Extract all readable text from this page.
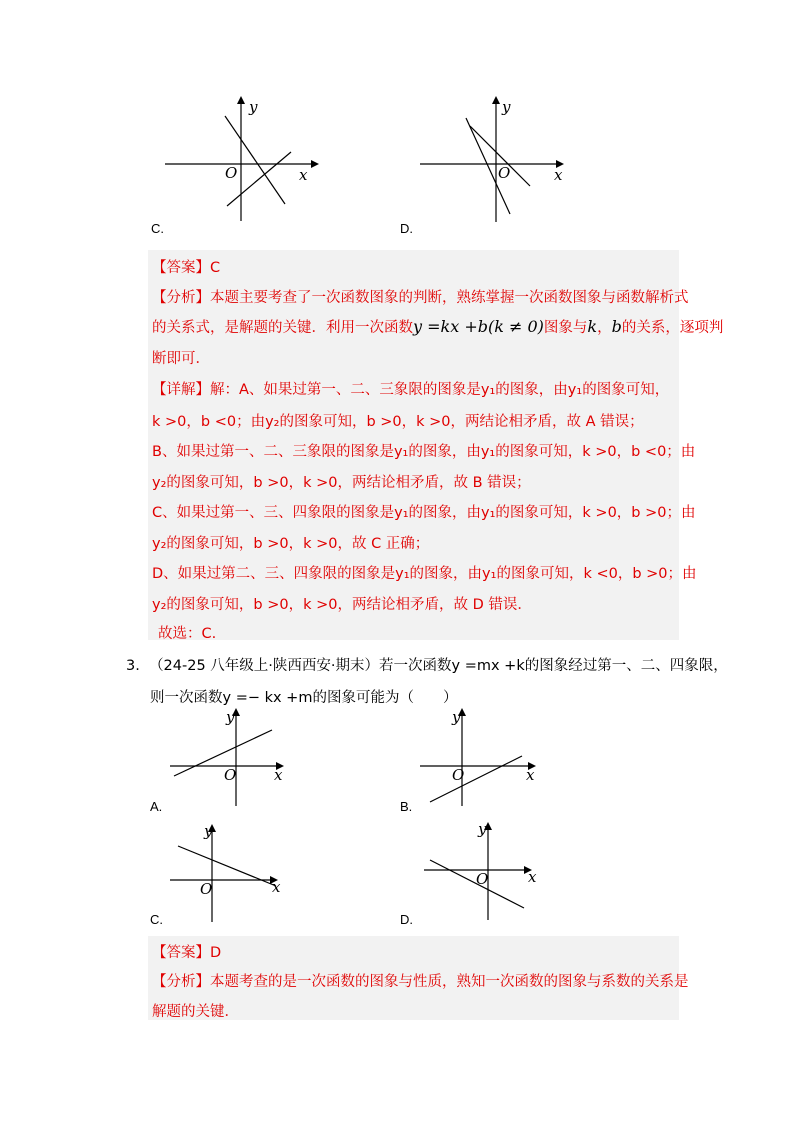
y
x
O
C.
y
x
O
D.
【答案】C
【分析】本题主要考查了一次函数图象的判断，熟练掌握一次函数图象与函数解析式
的关系式，是解题的关键．利用一次函数y =kx +b(k ≠ 0)图象与k，b的关系，逐项判
断即可．
【详解】解：A、如果过第一、二、三象限的图象是y₁的图象，由y₁的图象可知，
k >0，b <0；由y₂的图象可知，b >0，k >0，两结论相矛盾，故 A 错误；
B、如果过第一、二、三象限的图象是y₁的图象，由y₁的图象可知，k >0，b <0；由
y₂的图象可知，b >0，k >0，两结论相矛盾，故 B 错误；
C、如果过第一、三、四象限的图象是y₁的图象，由y₁的图象可知，k >0，b >0；由
y₂的图象可知，b >0，k >0，故 C 正确；
D、如果过第二、三、四象限的图象是y₁的图象，由y₁的图象可知，k <0，b >0；由
y₂的图象可知，b >0，k >0，两结论相矛盾，故 D 错误．
故选：C.
3. （24-25 八年级上·陕西西安·期末）若一次函数y =mx +k的图象经过第一、二、四象限，
则一次函数y =− kx +m的图象可能为（　　）
y
x
O
A.
y
x
O
B.
y
x
O
C.
y
x
O
D.
【答案】D
【分析】本题考查的是一次函数的图象与性质，熟知一次函数的图象与系数的关系是
解题的关键．
